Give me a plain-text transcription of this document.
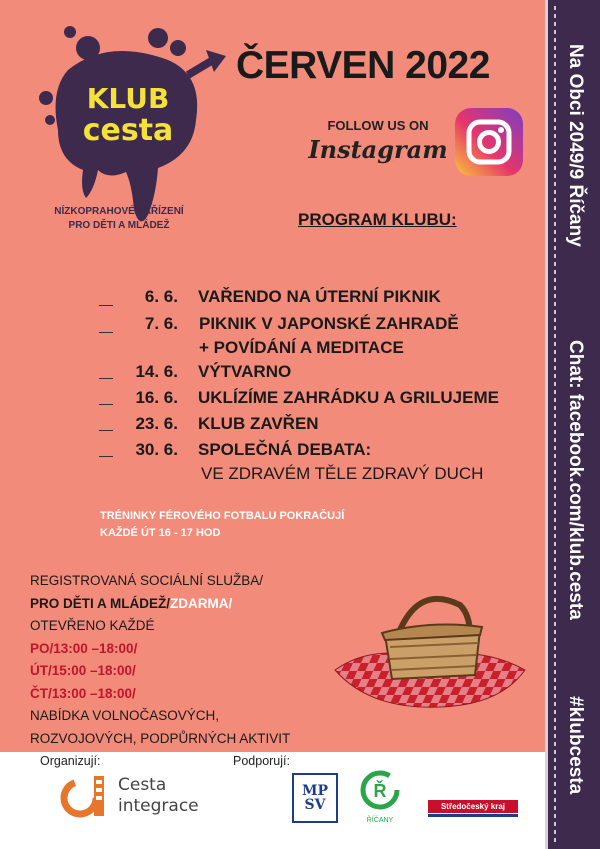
Na Obci 2049/9 Říčany
Chat: facebook.com/klub.cesta
#klubcesta
KLUB
cesta
NÍZKOPRAHOVÉ ZAŘÍZENÍ
PRO DĚTI A MLÁDEŽ
ČERVEN 2022
FOLLOW US ON
Instagram
PROGRAM KLUBU:
6. 6. VAŘENDO NA ÚTERNÍ PIKNIK
7. 6. PIKNIK V JAPONSKÉ ZAHRADĚ
+ POVÍDÁNÍ A MEDITACE
14. 6. VÝTVARNO
16. 6. UKLÍZÍME ZAHRÁDKU A GRILUJEME
23. 6. KLUB ZAVŘEN
30. 6. SPOLEČNÁ DEBATA:
VE ZDRAVÉM TĚLE ZDRAVÝ DUCH
TRÉNINKY FÉROVÉHO FOTBALU POKRAČUJÍ
KAŽDÉ ÚT 16 - 17 HOD
REGISTROVANÁ SOCIÁLNÍ SLUŽBA/
PRO DĚTI A MLÁDEŽ/ZDARMA/
OTEVŘENO KAŽDÉ
PO/13:00 –18:00/
ÚT/15:00 –18:00/
ČT/13:00 –18:00/
NABÍDKA VOLNOČASOVÝCH,
ROZVOJOVÝCH, PODPŮRNÝCH AKTIVIT
Organizují:	Podporují:
Cesta
integrace
MP
SV
Ř
ŘÍČANY
Středočeský kraj
